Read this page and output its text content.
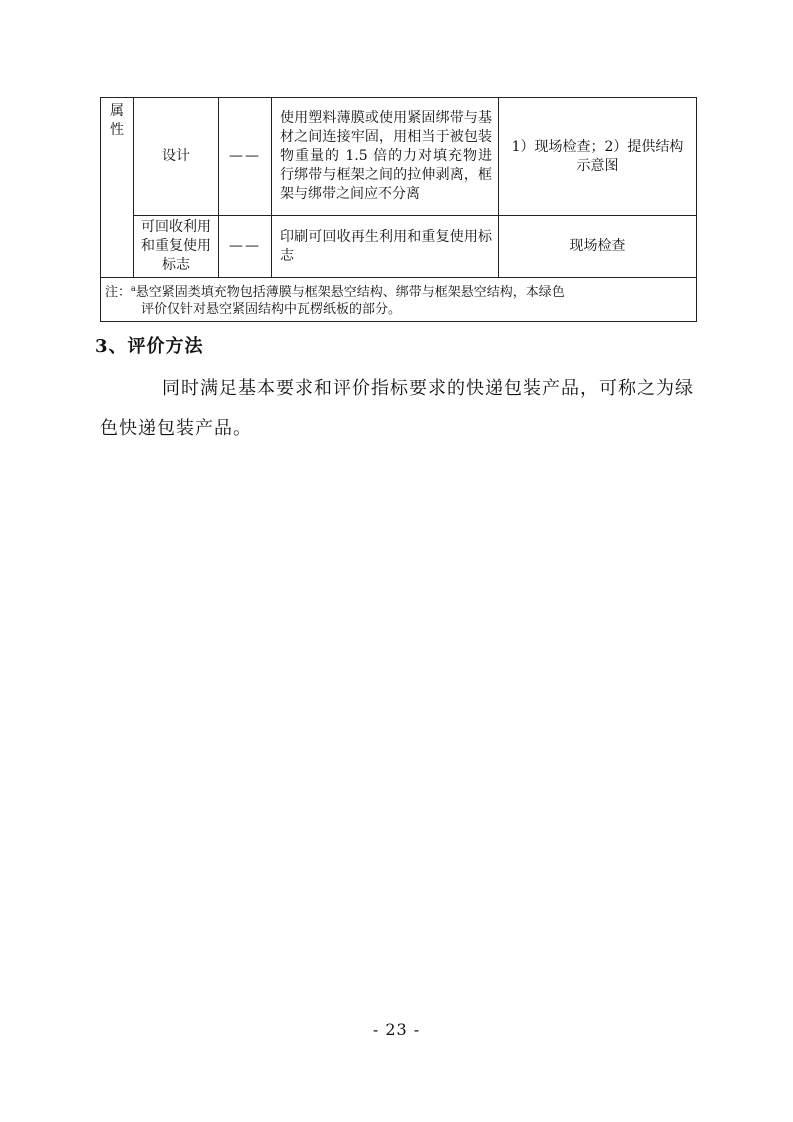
属
性	设计	——	使用塑料薄膜或使用紧固绑带与基材之间连接牢固，用相当于被包装物重量的 1.5 倍的力对填充物进行绑带与框架之间的拉伸剥离，框架与绑带之间应不分离	1）现场检查；2）提供结构示意图
	可回收利用和重复使用标志	——	印刷可回收再生利用和重复使用标志	现场检查
注：$^a$悬空紧固类填充物包括薄膜与框架悬空结构、绑带与框架悬空结构，本绿色
评价仅针对悬空紧固结构中瓦楞纸板的部分。				
3、评价方法
同时满足基本要求和评价指标要求的快递包装产品，可称之为绿色快递包装产品。
- 23 -
